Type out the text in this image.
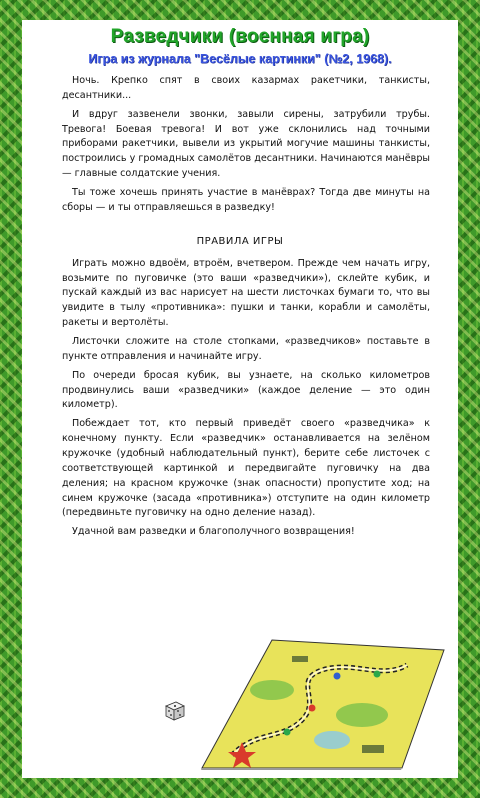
Разведчики (военная игра)
Игра из журнала "Весёлые картинки" (№2, 1968).

Ночь. Крепко спят в своих казармах ракетчики, танкисты, десантники...

И вдруг зазвенели звонки, завыли сирены, затрубили трубы. Тревога! Боевая тревога! И вот уже склонились над точными приборами ракетчики, вывели из укрытий могучие машины танкисты, построились у громадных самолётов десантники. Начинаются манёвры — главные солдатские учения.

Ты тоже хочешь принять участие в манёврах? Тогда две минуты на сборы — и ты отправляешься в разведку!

ПРАВИЛА ИГРЫ

Играть можно вдвоём, втроём, вчетвером. Прежде чем начать игру, возьмите по пуговичке (это ваши «разведчики»), склейте кубик, и пускай каждый из вас нарисует на шести листочках бумаги то, что вы увидите в тылу «противника»: пушки и танки, корабли и самолёты, ракеты и вертолёты.

Листочки сложите на столе стопками, «разведчиков» поставьте в пункте отправления и начинайте игру.

По очереди бросая кубик, вы узнаете, на сколько километров продвинулись ваши «разведчики» (каждое деление — это один километр).

Побеждает тот, кто первый приведёт своего «разведчика» к конечному пункту. Если «разведчик» останавливается на зелёном кружочке (удобный наблюдательный пункт), берите себе листочек с соответствующей картинкой и передвигайте пуговичку на два деления; на красном кружочке (знак опасности) пропустите ход; на синем кружочке (засада «противника») отступите на один километр (передвиньте пуговичку на одно деление назад).

Удачной вам разведки и благополучного возвращения!
